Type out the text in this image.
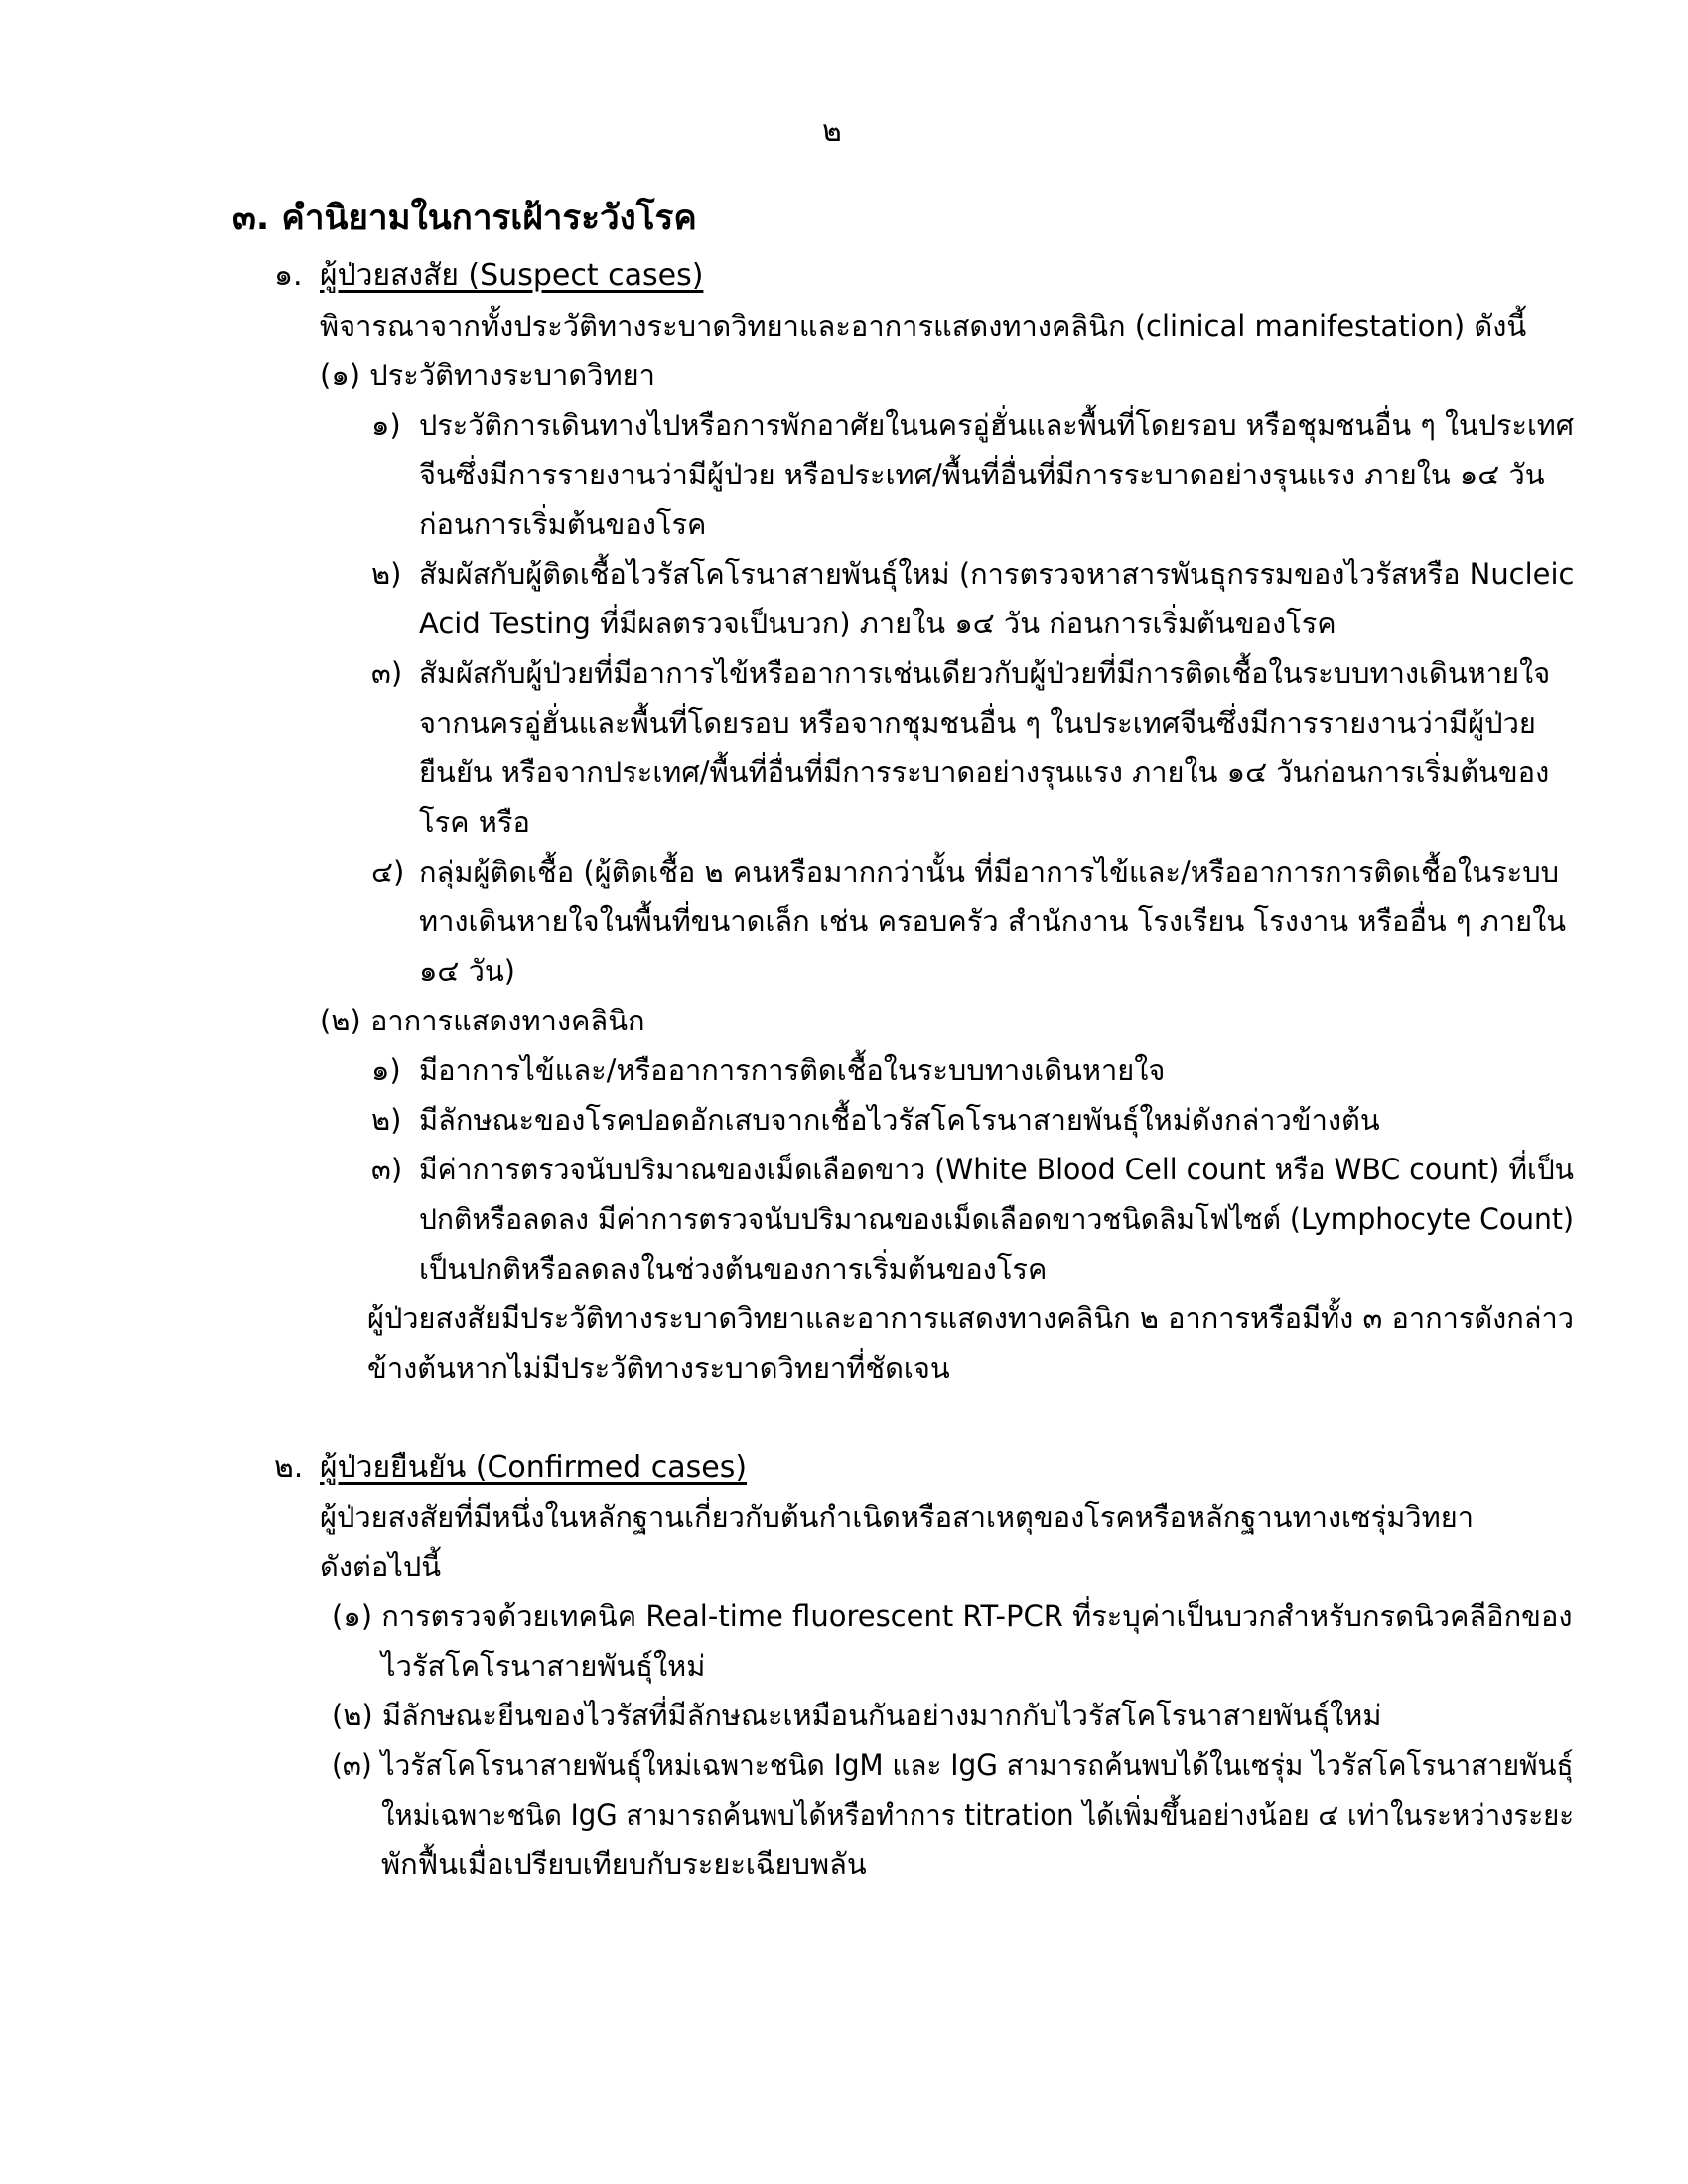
๒
๓. คำนิยามในการเฝ้าระวังโรค
๑. ผู้ป่วยสงสัย (Suspect cases)
พิจารณาจากทั้งประวัติทางระบาดวิทยาและอาการแสดงทางคลินิก (clinical manifestation) ดังนี้
(๑) ประวัติทางระบาดวิทยา
๑) ประวัติการเดินทางไปหรือการพักอาศัยในนครอู่ฮั่นและพื้นที่โดยรอบ หรือชุมชนอื่น ๆ ในประเทศ
จีนซึ่งมีการรายงานว่ามีผู้ป่วย หรือประเทศ/พื้นที่อื่นที่มีการระบาดอย่างรุนแรง ภายใน ๑๔ วัน
ก่อนการเริ่มต้นของโรค
๒) สัมผัสกับผู้ติดเชื้อไวรัสโคโรนาสายพันธุ์ใหม่ (การตรวจหาสารพันธุกรรมของไวรัสหรือ Nucleic
Acid Testing ที่มีผลตรวจเป็นบวก) ภายใน ๑๔ วัน ก่อนการเริ่มต้นของโรค
๓) สัมผัสกับผู้ป่วยที่มีอาการไข้หรืออาการเช่นเดียวกับผู้ป่วยที่มีการติดเชื้อในระบบทางเดินหายใจ
จากนครอู่ฮั่นและพื้นที่โดยรอบ หรือจากชุมชนอื่น ๆ ในประเทศจีนซึ่งมีการรายงานว่ามีผู้ป่วย
ยืนยัน หรือจากประเทศ/พื้นที่อื่นที่มีการระบาดอย่างรุนแรง ภายใน ๑๔ วันก่อนการเริ่มต้นของ
โรค หรือ
๔) กลุ่มผู้ติดเชื้อ (ผู้ติดเชื้อ ๒ คนหรือมากกว่านั้น ที่มีอาการไข้และ/หรืออาการการติดเชื้อในระบบ
ทางเดินหายใจในพื้นที่ขนาดเล็ก เช่น ครอบครัว สำนักงาน โรงเรียน โรงงาน หรืออื่น ๆ ภายใน
๑๔ วัน)
(๒) อาการแสดงทางคลินิก
๑) มีอาการไข้และ/หรืออาการการติดเชื้อในระบบทางเดินหายใจ
๒) มีลักษณะของโรคปอดอักเสบจากเชื้อไวรัสโคโรนาสายพันธุ์ใหม่ดังกล่าวข้างต้น
๓) มีค่าการตรวจนับปริมาณของเม็ดเลือดขาว (White Blood Cell count หรือ WBC count) ที่เป็น
ปกติหรือลดลง มีค่าการตรวจนับปริมาณของเม็ดเลือดขาวชนิดลิมโฟไซต์ (Lymphocyte Count)
เป็นปกติหรือลดลงในช่วงต้นของการเริ่มต้นของโรค
ผู้ป่วยสงสัยมีประวัติทางระบาดวิทยาและอาการแสดงทางคลินิก ๒ อาการหรือมีทั้ง ๓ อาการดังกล่าว
ข้างต้นหากไม่มีประวัติทางระบาดวิทยาที่ชัดเจน
๒. ผู้ป่วยยืนยัน (Confirmed cases)
ผู้ป่วยสงสัยที่มีหนึ่งในหลักฐานเกี่ยวกับต้นกำเนิดหรือสาเหตุของโรคหรือหลักฐานทางเซรุ่มวิทยา
ดังต่อไปนี้
(๑) การตรวจด้วยเทคนิค Real-time fluorescent RT-PCR ที่ระบุค่าเป็นบวกสำหรับกรดนิวคลีอิกของ
ไวรัสโคโรนาสายพันธุ์ใหม่
(๒) มีลักษณะยีนของไวรัสที่มีลักษณะเหมือนกันอย่างมากกับไวรัสโคโรนาสายพันธุ์ใหม่
(๓) ไวรัสโคโรนาสายพันธุ์ใหม่เฉพาะชนิด IgM และ IgG สามารถค้นพบได้ในเซรุ่ม ไวรัสโคโรนาสายพันธุ์
ใหม่เฉพาะชนิด IgG สามารถค้นพบได้หรือทำการ titration ได้เพิ่มขึ้นอย่างน้อย ๔ เท่าในระหว่างระยะ
พักฟื้นเมื่อเปรียบเทียบกับระยะเฉียบพลัน
